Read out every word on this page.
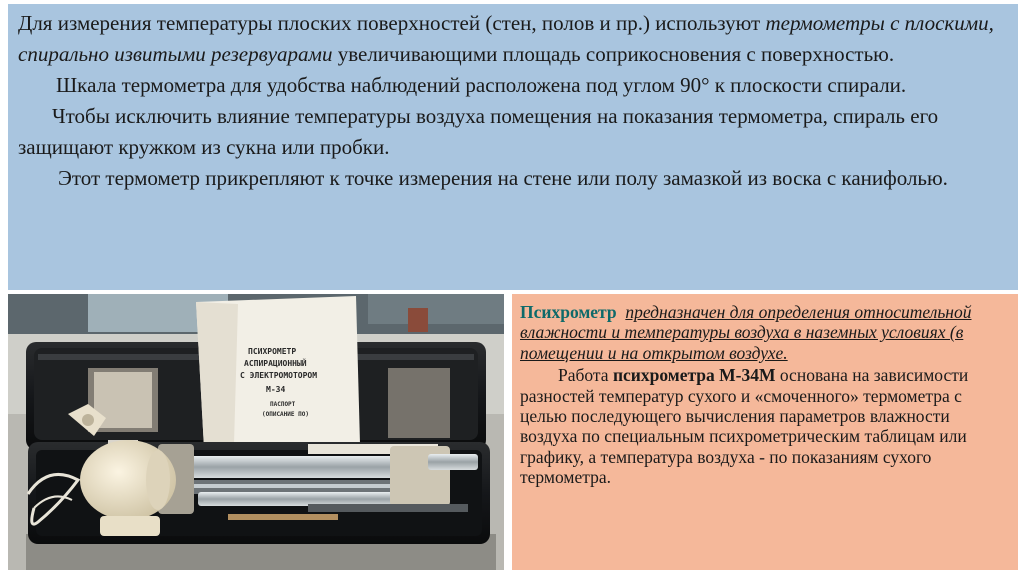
Для измерения температуры плоских поверхностей (стен, полов и пр.) используют термометры с плоскими, спирально извитыми резервуарами увеличивающими площадь соприкосновения с поверхностью.

Шкала термометра для удобства наблюдений расположена под углом 90° к плоскости спирали.

Чтобы исключить влияние температуры воздуха помещения на показания термометра, спираль его защищают кружком из сукна или пробки.

Этот термометр прикрепляют к точке измерения на стене или полу замазкой из воска с канифолью.

ПСИХРОМЕТР
АСПИРАЦИОННЫЙ
С ЭЛЕКТРОМОТОРОМ
М-34
ПАСПОРТ
(ОПИСАНИЕ ПО)

Психрометр предназначен для определения относительной влажности и температуры воздуха в наземных условиях (в помещении и на открытом воздухе.

Работа психрометра М-34М основана на зависимости разностей температур сухого и «смоченного» термометра с целью последующего вычисления параметров влажности воздуха по специальным психрометрическим таблицам или графику, а температура воздуха - по показаниям сухого термометра.
